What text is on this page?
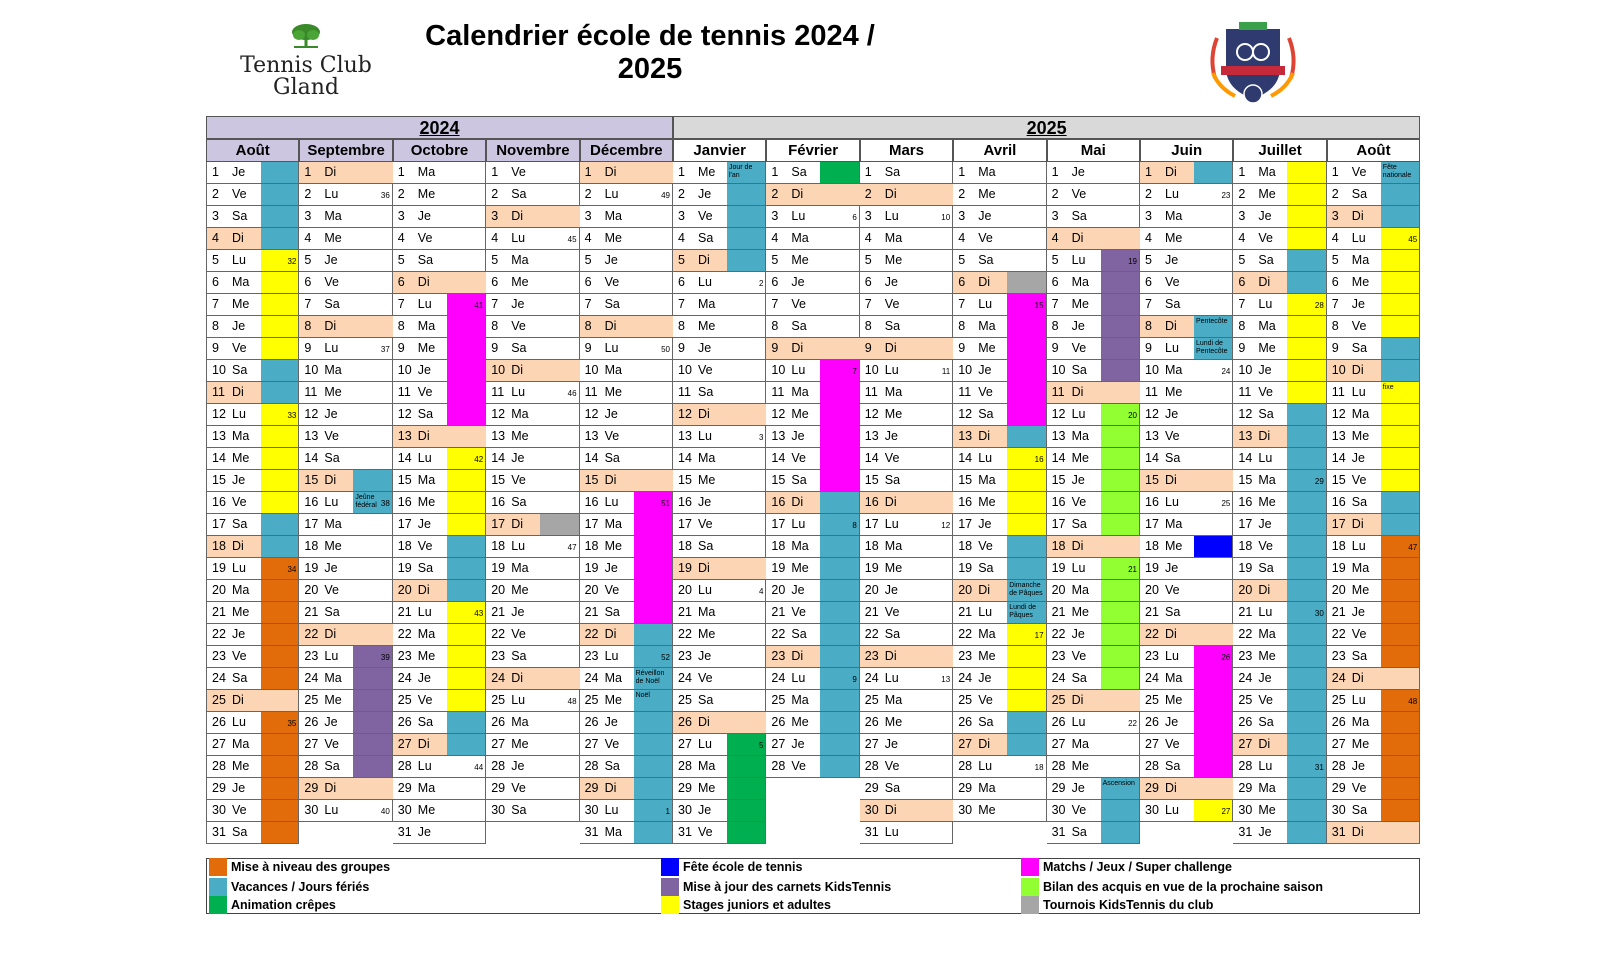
Calendrier école de tennis 2024 / 2025
Tennis Club
Gland
2024	2025
Août
1 Je
2 Ve
3 Sa
4 Di
5 Lu	32
6 Ma
7 Me
8 Je
9 Ve
10 Sa
11 Di
12 Lu	33
13 Ma
14 Me
15 Je
16 Ve
17 Sa
18 Di
19 Lu	34
20 Ma
21 Me
22 Je
23 Ve
24 Sa
25 Di
26 Lu	35
27 Ma
28 Me
29 Je
30 Ve
31 Sa
Septembre
1 Di
2 Lu	36
3 Ma
4 Me
5 Je
6 Ve
7 Sa
8 Di
9 Lu	37
10 Ma
11 Me
12 Je
13 Ve
14 Sa
15 Di
16 Lu	38
Jeûne fédéral
17 Ma
18 Me
19 Je
20 Ve
21 Sa
22 Di
23 Lu	39
24 Ma
25 Me
26 Je
27 Ve
28 Sa
29 Di
30 Lu	40
Octobre
1 Ma
2 Me
3 Je
4 Ve
5 Sa
6 Di
7 Lu	41
8 Ma
9 Me
10 Je
11 Ve
12 Sa
13 Di
14 Lu	42
15 Ma
16 Me
17 Je
18 Ve
19 Sa
20 Di
21 Lu	43
22 Ma
23 Me
24 Je
25 Ve
26 Sa
27 Di
28 Lu	44
29 Ma
30 Me
31 Je
Novembre
1 Ve
2 Sa
3 Di
4 Lu	45
5 Ma
6 Me
7 Je
8 Ve
9 Sa
10 Di
11 Lu	46
12 Ma
13 Me
14 Je
15 Ve
16 Sa
17 Di
18 Lu	47
19 Ma
20 Me
21 Je
22 Ve
23 Sa
24 Di
25 Lu	48
26 Ma
27 Me
28 Je
29 Ve
30 Sa
Décembre
1 Di
2 Lu	49
3 Ma
4 Me
5 Je
6 Ve
7 Sa
8 Di
9 Lu	50
10 Ma
11 Me
12 Je
13 Ve
14 Sa
15 Di
16 Lu	51
17 Ma
18 Me
19 Je
20 Ve
21 Sa
22 Di
23 Lu	52
24 Ma Réveillon de Noël
25 Me Noël
26 Je
27 Ve
28 Sa
29 Di
30 Lu	1
31 Ma
Janvier
1 Me Jour de l'an
2 Je
3 Ve
4 Sa
5 Di
6 Lu	2
7 Ma
8 Me
9 Je
10 Ve
11 Sa
12 Di
13 Lu	3
14 Ma
15 Me
16 Je
17 Ve
18 Sa
19 Di
20 Lu	4
21 Ma
22 Me
23 Je
24 Ve
25 Sa
26 Di
27 Lu	5
28 Ma
29 Me
30 Je
31 Ve
Février
1 Sa
2 Di
3 Lu	6
4 Ma
5 Me
6 Je
7 Ve
8 Sa
9 Di
10 Lu	7
11 Ma
12 Me
13 Je
14 Ve
15 Sa
16 Di
17 Lu	8
18 Ma
19 Me
20 Je
21 Ve
22 Sa
23 Di
24 Lu	9
25 Ma
26 Me
27 Je
28 Ve
Mars
1 Sa
2 Di
3 Lu	10
4 Ma
5 Me
6 Je
7 Ve
8 Sa
9 Di
10 Lu	11
11 Ma
12 Me
13 Je
14 Ve
15 Sa
16 Di
17 Lu	12
18 Ma
19 Me
20 Je
21 Ve
22 Sa
23 Di
24 Lu	13
25 Ma
26 Me
27 Je
28 Ve
29 Sa
30 Di
31 Lu
Avril
1 Ma
2 Me
3 Je
4 Ve
5 Sa
6 Di
7 Lu	15
8 Ma
9 Me
10 Je
11 Ve
12 Sa
13 Di
14 Lu	16
15 Ma
16 Me
17 Je
18 Ve
19 Sa
20 Di	Dimanche de Pâques
21 Lu Lundi de Pâques
22 Ma	17
23 Me
24 Je
25 Ve
26 Sa
27 Di
28 Lu	18
29 Ma
30 Me
Mai
1 Je
2 Ve
3 Sa
4 Di
5 Lu	19
6 Ma
7 Me
8 Je
9 Ve
10 Sa
11 Di
12 Lu	20
13 Ma
14 Me
15 Je
16 Ve
17 Sa
18 Di
19 Lu	21
20 Ma
21 Me
22 Je
23 Ve
24 Sa
25 Di
26 Lu	22
27 Ma
28 Me
29 Je	Ascension
30 Ve
31 Sa
Juin
1 Di
2 Lu	23
3 Ma
4 Me
5 Je
6 Ve
7 Sa
8 Di	Pentecôte
9 Lu Lundi de Pentecôte
10 Ma	24
11 Me
12 Je
13 Ve
14 Sa
15 Di
16 Lu	25
17 Ma
18 Me
19 Je
20 Ve
21 Sa
22 Di
23 Lu	26
24 Ma
25 Me
26 Je
27 Ve
28 Sa
29 Di
30 Lu	27
Juillet
1 Ma
2 Me
3 Je
4 Ve
5 Sa
6 Di
7 Lu	28
8 Ma
9 Me
10 Je
11 Ve
12 Sa
13 Di
14 Lu
15 Ma	29
16 Me
17 Je
18 Ve
19 Sa
20 Di
21 Lu	30
22 Ma
23 Me
24 Je
25 Ve
26 Sa
27 Di
28 Lu	31
29 Ma
30 Me
31 Je
Août
1 Ve Fête nationale
2 Sa
3 Di
4 Lu	45
5 Ma
6 Me
7 Je
8 Ve
9 Sa
10 Di
11 Lu fixe
12 Ma
13 Me
14 Je
15 Ve
16 Sa
17 Di
18 Lu	47
19 Ma
20 Me
21 Je
22 Ve
23 Sa
24 Di
25 Lu	48
26 Ma
27 Me
28 Je
29 Ve
30 Sa
31 Di
Mise à niveau des groupes
Vacances / Jours fériés
Animation crêpes
Fête école de tennis
Mise à jour des carnets KidsTennis
Stages juniors et adultes
Matchs / Jeux / Super challenge
Bilan des acquis en vue de la prochaine saison
Tournois KidsTennis du club
